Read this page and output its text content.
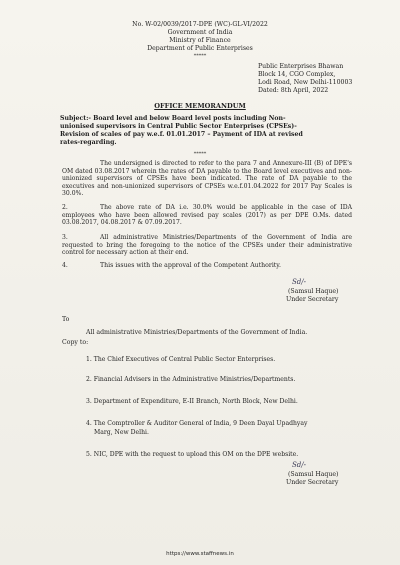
No. W-02/0039/2017-DPE (WC)-GL-VI/2022
Government of India
Ministry of Finance
Department of Public Enterprises
*****
Public Enterprises Bhawan
Block 14, CGO Complex,
Lodi Road, New Delhi-110003
Dated: 8th April, 2022
OFFICE MEMORANDUM
Subject:- Board level and below Board level posts including Non-
unionised supervisors in Central Public Sector Enterprises (CPSEs)-
Revision of scales of pay w.e.f. 01.01.2017 – Payment of IDA at revised
rates-regarding.
*****
The undersigned is directed to refer to the para 7 and Annexure-III (B) of DPE's OM dated 03.08.2017 wherein the rates of DA payable to the Board level executives and non-unionized supervisors of CPSEs have been indicated. The rate of DA payable to the executives and non-unionized supervisors of CPSEs w.e.f.01.04.2022 for 2017 Pay Scales is 30.0%.
2.	The above rate of DA i.e. 30.0% would be applicable in the case of IDA employees who have been allowed revised pay scales (2017) as per DPE O.Ms. dated 03.08.2017, 04.08.2017 & 07.09.2017.
3.	All administrative Ministries/Departments of the Government of India are requested to bring the foregoing to the notice of the CPSEs under their administrative control for necessary action at their end.
4.	This issues with the approval of the Competent Authority.
Sd/-
(Samsul Haque)
Under Secretary
To
All administrative Ministries/Departments of the Government of India.
Copy to:
1. The Chief Executives of Central Public Sector Enterprises.
2. Financial Advisers in the Administrative Ministries/Departments.
3. Department of Expenditure, E-II Branch, North Block, New Delhi.
4. The Comptroller & Auditor General of India, 9 Deen Dayal Upadhyay
Marg, New Delhi.
5. NIC, DPE with the request to upload this OM on the DPE website.
Sd/-
(Samsul Haque)
Under Secretary
https://www.staffnews.in
